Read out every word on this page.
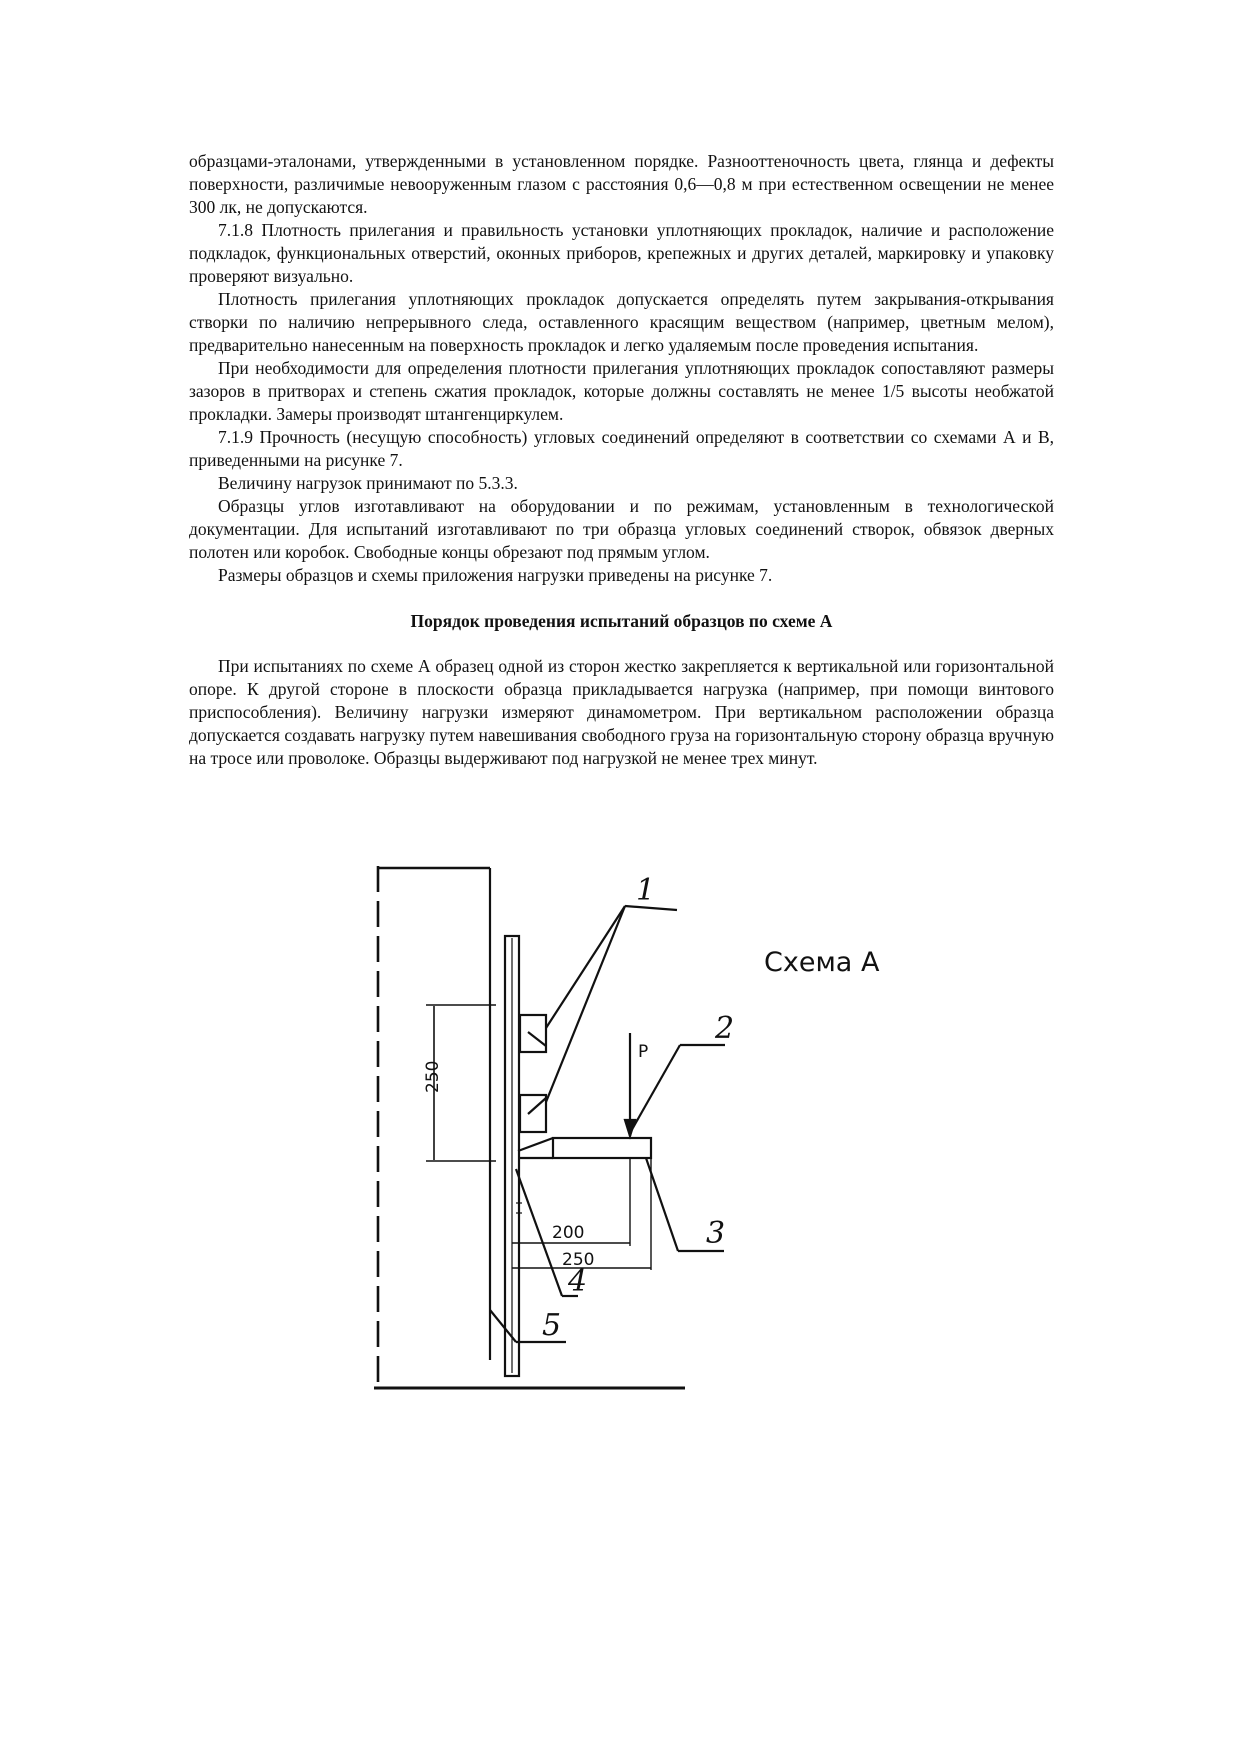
образцами-эталонами, утвержденными в установленном порядке. Разнооттеночность цвета, глянца и дефекты поверхности, различимые невооруженным глазом с расстояния 0,6—0,8 м при естественном освещении не менее 300 лк, не допускаются.

7.1.8 Плотность прилегания и правильность установки уплотняющих прокладок, наличие и расположение подкладок, функциональных отверстий, оконных приборов, крепежных и других деталей, маркировку и упаковку проверяют визуально.

Плотность прилегания уплотняющих прокладок допускается определять путем закрывания-открывания створки по наличию непрерывного следа, оставленного красящим веществом (например, цветным мелом), предварительно нанесенным на поверхность прокладок и легко удаляемым после проведения испытания.

При необходимости для определения плотности прилегания уплотняющих прокладок сопоставляют размеры зазоров в притворах и степень сжатия прокладок, которые должны составлять не менее 1/5 высоты необжатой прокладки. Замеры производят штангенциркулем.

7.1.9 Прочность (несущую способность) угловых соединений определяют в соответствии со схемами А и В, приведенными на рисунке 7.

Величину нагрузок принимают по 5.3.3.

Образцы углов изготавливают на оборудовании и по режимам, установленным в технологической документации. Для испытаний изготавливают по три образца угловых соединений створок, обвязок дверных полотен или коробок. Свободные концы обрезают под прямым углом.

Размеры образцов и схемы приложения нагрузки приведены на рисунке 7.

Порядок проведения испытаний образцов по схеме А

При испытаниях по схеме А образец одной из сторон жестко закрепляется к вертикальной или горизонтальной опоре. К другой стороне в плоскости образца прикладывается нагрузка (например, при помощи винтового приспособления). Величину нагрузки измеряют динамометром. При вертикальном расположении образца допускается создавать нагрузку путем навешивания свободного груза на горизонтальную сторону образца вручную на тросе или проволоке. Образцы выдерживают под нагрузкой не менее трех минут.

Схема А
250
200
250
P
1
2
3
4
5
